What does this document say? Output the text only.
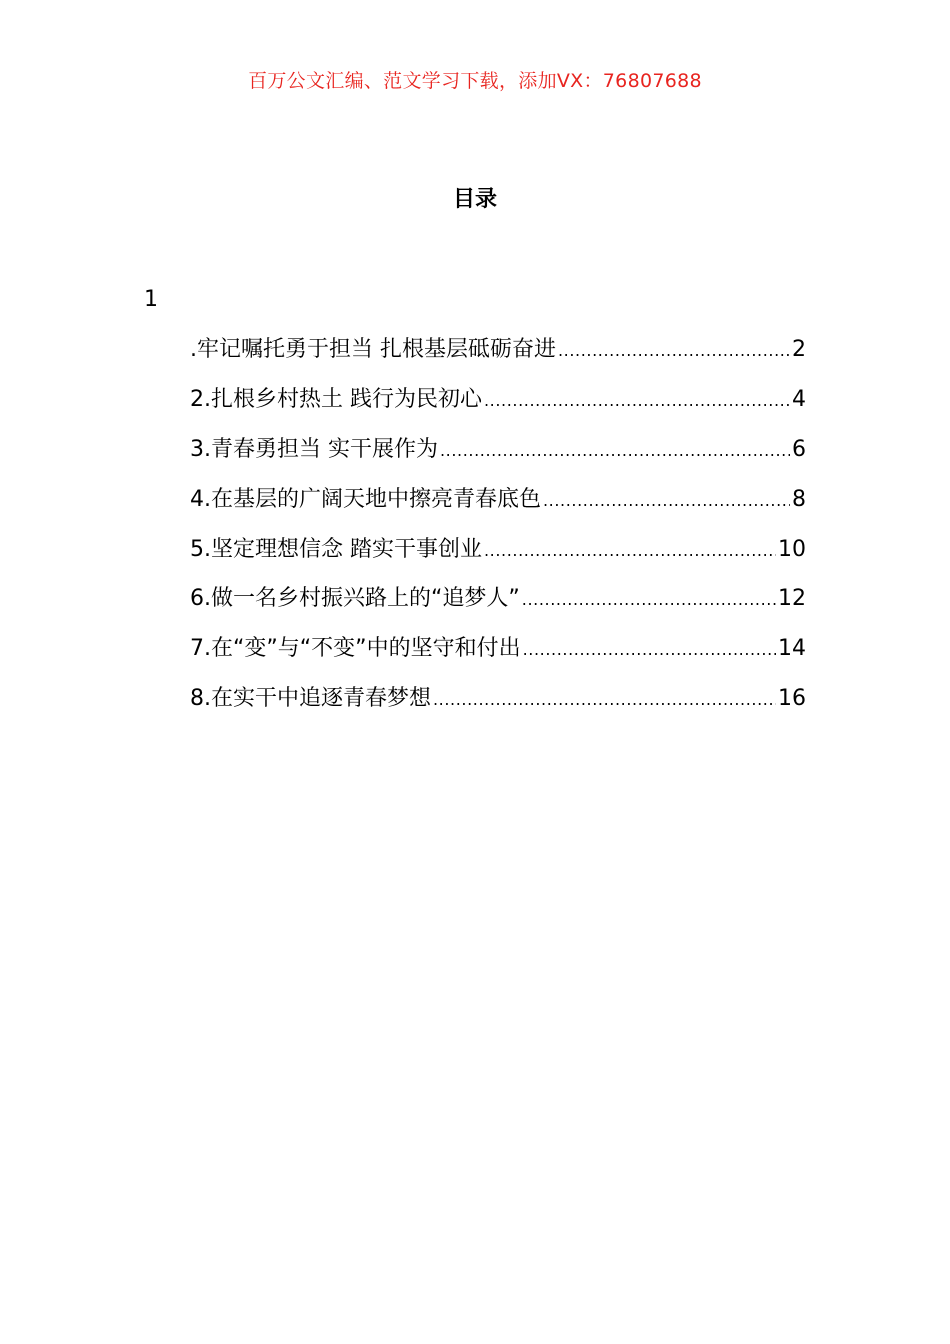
百万公文汇编、范文学习下载，添加VX：76807688
目录
1
.牢记嘱托勇于担当 扎根基层砥砺奋进 .....	2
2.扎根乡村热土 践行为民初心 .....	4
3.青春勇担当 实干展作为 .....	6
4.在基层的广阔天地中擦亮青春底色 .....	8
5.坚定理想信念 踏实干事创业 .....	10
6.做一名乡村振兴路上的“追梦人” .....	12
7.在“变”与“不变”中的坚守和付出 .....	14
8.在实干中追逐青春梦想 .....	16
